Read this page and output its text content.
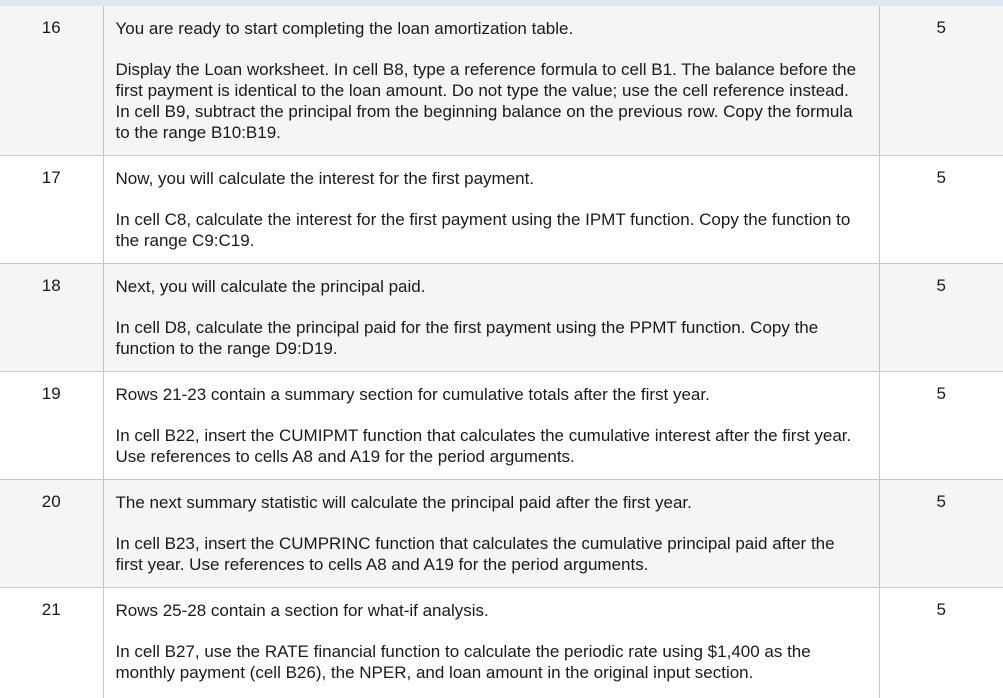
16	You are ready to start completing the loan amortization table.

Display the Loan worksheet. In cell B8, type a reference formula to cell B1. The balance before the first payment is identical to the loan amount. Do not type the value; use the cell reference instead. In cell B9, subtract the principal from the beginning balance on the previous row. Copy the formula to the range B10:B19.	5

17	Now, you will calculate the interest for the first payment.

In cell C8, calculate the interest for the first payment using the IPMT function. Copy the function to the range C9:C19.	5

18	Next, you will calculate the principal paid.

In cell D8, calculate the principal paid for the first payment using the PPMT function. Copy the function to the range D9:D19.	5

19	Rows 21-23 contain a summary section for cumulative totals after the first year.

In cell B22, insert the CUMIPMT function that calculates the cumulative interest after the first year. Use references to cells A8 and A19 for the period arguments.	5

20	The next summary statistic will calculate the principal paid after the first year.

In cell B23, insert the CUMPRINC function that calculates the cumulative principal paid after the first year. Use references to cells A8 and A19 for the period arguments.	5

21	Rows 25-28 contain a section for what-if analysis.

In cell B27, use the RATE financial function to calculate the periodic rate using $1,400 as the monthly payment (cell B26), the NPER, and loan amount in the original input section.	5
